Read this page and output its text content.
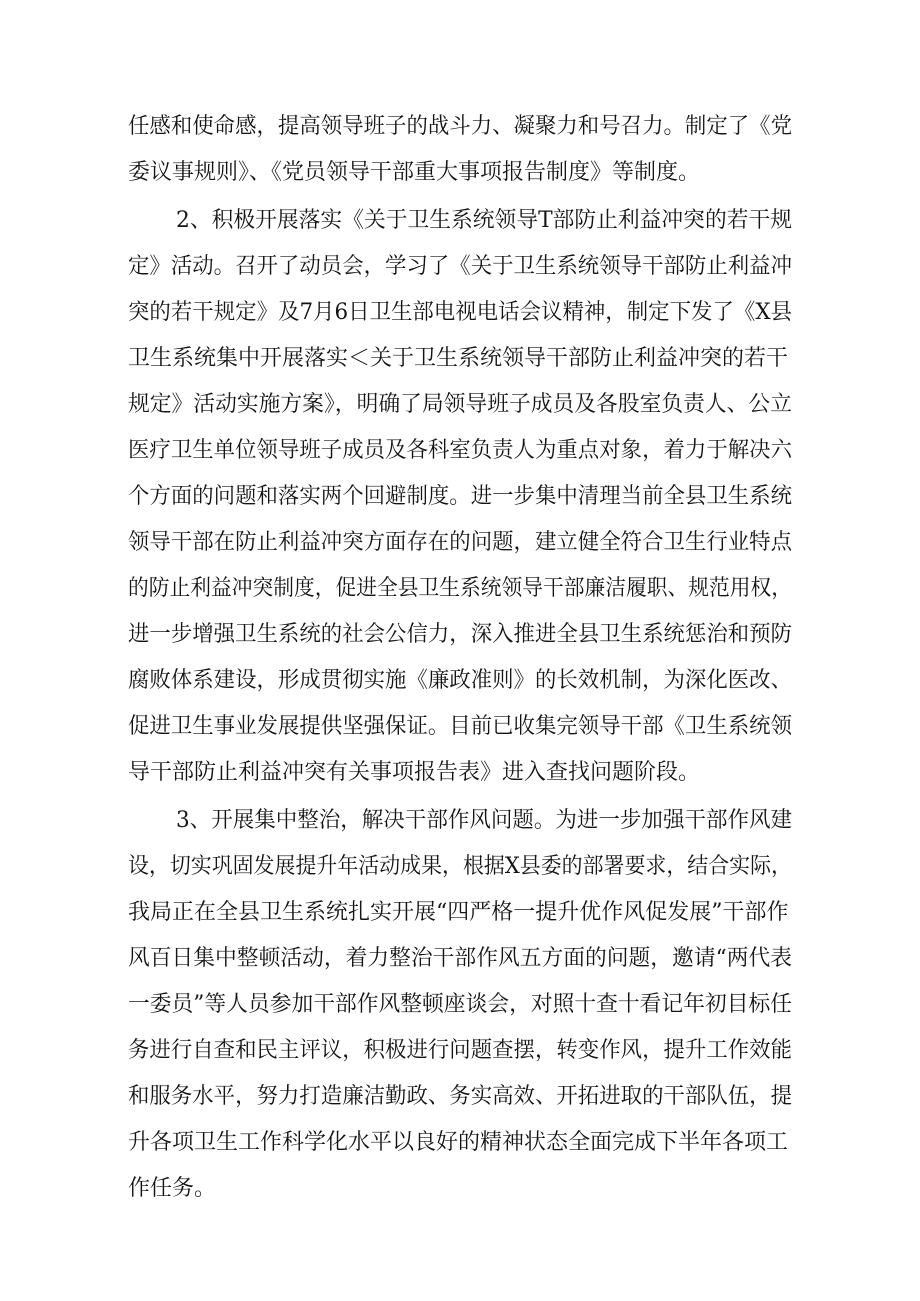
任感和使命感，提高领导班子的战斗力、凝聚力和号召力。制定了《党
委议事规则》、《党员领导干部重大事项报告制度》等制度。
2、积极开展落实《关于卫生系统领导T部防止利益冲突的若干规
定》活动。召开了动员会，学习了《关于卫生系统领导干部防止利益冲
突的若干规定》及7月6日卫生部电视电话会议精神，制定下发了《X县
卫生系统集中开展落实＜关于卫生系统领导干部防止利益冲突的若干
规定》活动实施方案》，明确了局领导班子成员及各股室负责人、公立
医疗卫生单位领导班子成员及各科室负责人为重点对象，着力于解决六
个方面的问题和落实两个回避制度。进一步集中清理当前全县卫生系统
领导干部在防止利益冲突方面存在的问题，建立健全符合卫生行业特点
的防止利益冲突制度，促进全县卫生系统领导干部廉洁履职、规范用权，
进一步增强卫生系统的社会公信力，深入推进全县卫生系统惩治和预防
腐败体系建设，形成贯彻实施《廉政准则》的长效机制，为深化医改、
促进卫生事业发展提供坚强保证。目前已收集完领导干部《卫生系统领
导干部防止利益冲突有关事项报告表》进入查找问题阶段。
3、开展集中整治，解决干部作风问题。为进一步加强干部作风建
设，切实巩固发展提升年活动成果，根据X县委的部署要求，结合实际，
我局正在全县卫生系统扎实开展“四严格一提升优作风促发展”干部作
风百日集中整顿活动，着力整治干部作风五方面的问题，邀请“两代表
一委员”等人员参加干部作风整顿座谈会，对照十查十看记年初目标任
务进行自查和民主评议，积极进行问题查摆，转变作风，提升工作效能
和服务水平，努力打造廉洁勤政、务实高效、开拓进取的干部队伍，提
升各项卫生工作科学化水平以良好的精神状态全面完成下半年各项工
作任务。
